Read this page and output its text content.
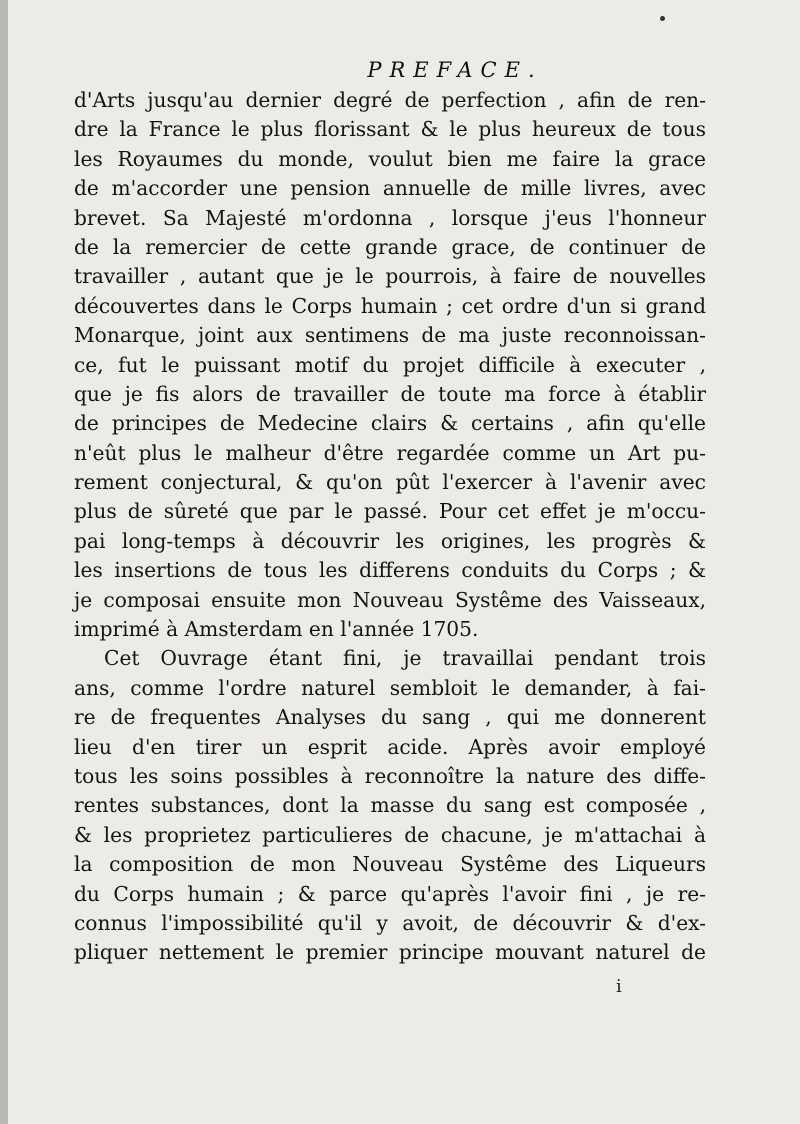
PREFACE.
d'Arts jusqu'au dernier degré de perfection , afin de ren-
dre la France le plus florissant & le plus heureux de tous
les Royaumes du monde, voulut bien me faire la grace
de m'accorder une pension annuelle de mille livres, avec
brevet. Sa Majesté m'ordonna , lorsque j'eus l'honneur
de la remercier de cette grande grace, de continuer de
travailler , autant que je le pourrois, à faire de nouvelles
découvertes dans le Corps humain ; cet ordre d'un si grand
Monarque, joint aux sentimens de ma juste reconnoissan-
ce, fut le puissant motif du projet difficile à executer ,
que je fis alors de travailler de toute ma force à établir
de principes de Medecine clairs & certains , afin qu'elle
n'eût plus le malheur d'être regardée comme un Art pu-
rement conjectural, & qu'on pût l'exercer à l'avenir avec
plus de sûreté que par le passé. Pour cet effet je m'occu-
pai long-temps à découvrir les origines, les progrès &
les insertions de tous les differens conduits du Corps ; &
je composai ensuite mon Nouveau Systême des Vaisseaux,
imprimé à Amsterdam en l'année 1705.
Cet Ouvrage étant fini, je travaillai pendant trois
ans, comme l'ordre naturel sembloit le demander, à fai-
re de frequentes Analyses du sang , qui me donnerent
lieu d'en tirer un esprit acide. Après avoir employé
tous les soins possibles à reconnoître la nature des diffe-
rentes substances, dont la masse du sang est composée ,
& les proprietez particulieres de chacune, je m'attachai à
la composition de mon Nouveau Systême des Liqueurs
du Corps humain ; & parce qu'après l'avoir fini , je re-
connus l'impossibilité qu'il y avoit, de découvrir & d'ex-
pliquer nettement le premier principe mouvant naturel de
i
